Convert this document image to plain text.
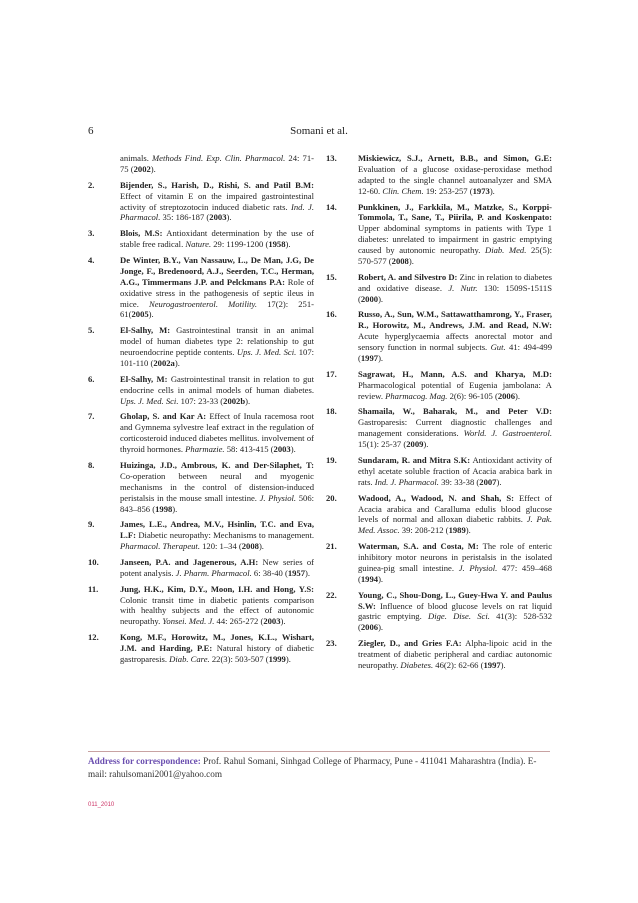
6	Somani et al.
animals. Methods Find. Exp. Clin. Pharmacol. 24: 71-75 (2002).
2.	Bijender, S., Harish, D., Rishi, S. and Patil B.M: Effect of vitamin E on the impaired gastrointestinal activity of streptozotocin induced diabetic rats. Ind. J. Pharmacol. 35: 186-187 (2003).
3.	Blois, M.S: Antioxidant determination by the use of stable free radical. Nature. 29: 1199-1200 (1958).
4.	De Winter, B.Y., Van Nassauw, L., De Man, J.G, De Jonge, F., Bredenoord, A.J., Seerden, T.C., Herman, A.G., Timmermans J.P. and Pelckmans P.A: Role of oxidative stress in the pathogenesis of septic ileus in mice. Neurogastroenterol. Motility. 17(2): 251-61(2005).
5.	El-Salhy, M: Gastrointestinal transit in an animal model of human diabetes type 2: relationship to gut neuroendocrine peptide contents. Ups. J. Med. Sci. 107: 101-110 (2002a).
6.	El-Salhy, M: Gastrointestinal transit in relation to gut endocrine cells in animal models of human diabetes. Ups. J. Med. Sci. 107: 23-33 (2002b).
7.	Gholap, S. and Kar A: Effect of Inula racemosa root and Gymnema sylvestre leaf extract in the regulation of corticosteroid induced diabetes mellitus. involvement of thyroid hormones. Pharmazie. 58: 413-415 (2003).
8.	Huizinga, J.D., Ambrous, K. and Der-Silaphet, T: Co-operation between neural and myogenic mechanisms in the control of distension-induced peristalsis in the mouse small intestine. J. Physiol. 506: 843–856 (1998).
9.	James, L.E., Andrea, M.V., Hsinlin, T.C. and Eva, L.F: Diabetic neuropathy: Mechanisms to management. Pharmacol. Therapeut. 120: 1–34 (2008).
10. Janseen, P.A. and Jagenerous, A.H: New series of potent analysis. J. Pharm. Pharmacol. 6: 38-40 (1957).
11.	Jung, H.K., Kim, D.Y., Moon, I.H. and Hong, Y.S: Colonic transit time in diabetic patients comparison with healthy subjects and the effect of autonomic neuropathy. Yonsei. Med. J. 44: 265-272 (2003).
12. Kong, M.F., Horowitz, M., Jones, K.L., Wishart, J.M. and Harding, P.E: Natural history of diabetic gastroparesis. Diab. Care. 22(3): 503-507 (1999).
13. Miskiewicz, S.J., Arnett, B.B., and Simon, G.E: Evaluation of a glucose oxidase-peroxidase method adapted to the single channel autoanalyzer and SMA 12-60. Clin. Chem. 19: 253-257 (1973).
14. Punkkinen, J., Farkkila, M., Matzke, S., Korppi-Tommola, T., Sane, T., Piirila, P. and Koskenpato: Upper abdominal symptoms in patients with Type 1 diabetes: unrelated to impairment in gastric emptying caused by autonomic neuropathy. Diab. Med. 25(5): 570-577 (2008).
15. Robert, A. and Silvestro D: Zinc in relation to diabetes and oxidative disease. J. Nutr. 130: 1509S-1511S (2000).
16. Russo, A., Sun, W.M., Sattawatthamrong, Y., Fraser, R., Horowitz, M., Andrews, J.M. and Read, N.W: Acute hyperglycaemia affects anorectal motor and sensory function in normal subjects. Gut. 41: 494-499 (1997).
17. Sagrawat, H., Mann, A.S. and Kharya, M.D: Pharmacological potential of Eugenia jambolana: A review. Pharmacog. Mag. 2(6): 96-105 (2006).
18. Shamaila, W., Baharak, M., and Peter V.D: Gastroparesis: Current diagnostic challenges and management considerations. World. J. Gastroenterol. 15(1): 25-37 (2009).
19. Sundaram, R. and Mitra S.K: Antioxidant activity of ethyl acetate soluble fraction of Acacia arabica bark in rats. Ind. J. Pharmacol. 39: 33-38 (2007).
20. Wadood, A., Wadood, N. and Shah, S: Effect of Acacia arabica and Caralluma edulis blood glucose levels of normal and alloxan diabetic rabbits. J. Pak. Med. Assoc. 39: 208-212 (1989).
21. Waterman, S.A. and Costa, M: The role of enteric inhibitory motor neurons in peristalsis in the isolated guinea-pig small intestine. J. Physiol. 477: 459–468 (1994).
22. Young, C., Shou-Dong, L., Guey-Hwa Y. and Paulus S.W: Influence of blood glucose levels on rat liquid gastric emptying. Dige. Dise. Sci. 41(3): 528-532 (2006).
23. Ziegler, D., and Gries F.A: Alpha-lipoic acid in the treatment of diabetic peripheral and cardiac autonomic neuropathy. Diabetes. 46(2): 62-66 (1997).
Address for correspondence: Prof. Rahul Somani, Sinhgad College of Pharmacy, Pune - 411041 Maharashtra (India). E-mail: rahulsomani2001@yahoo.com
011_2010
